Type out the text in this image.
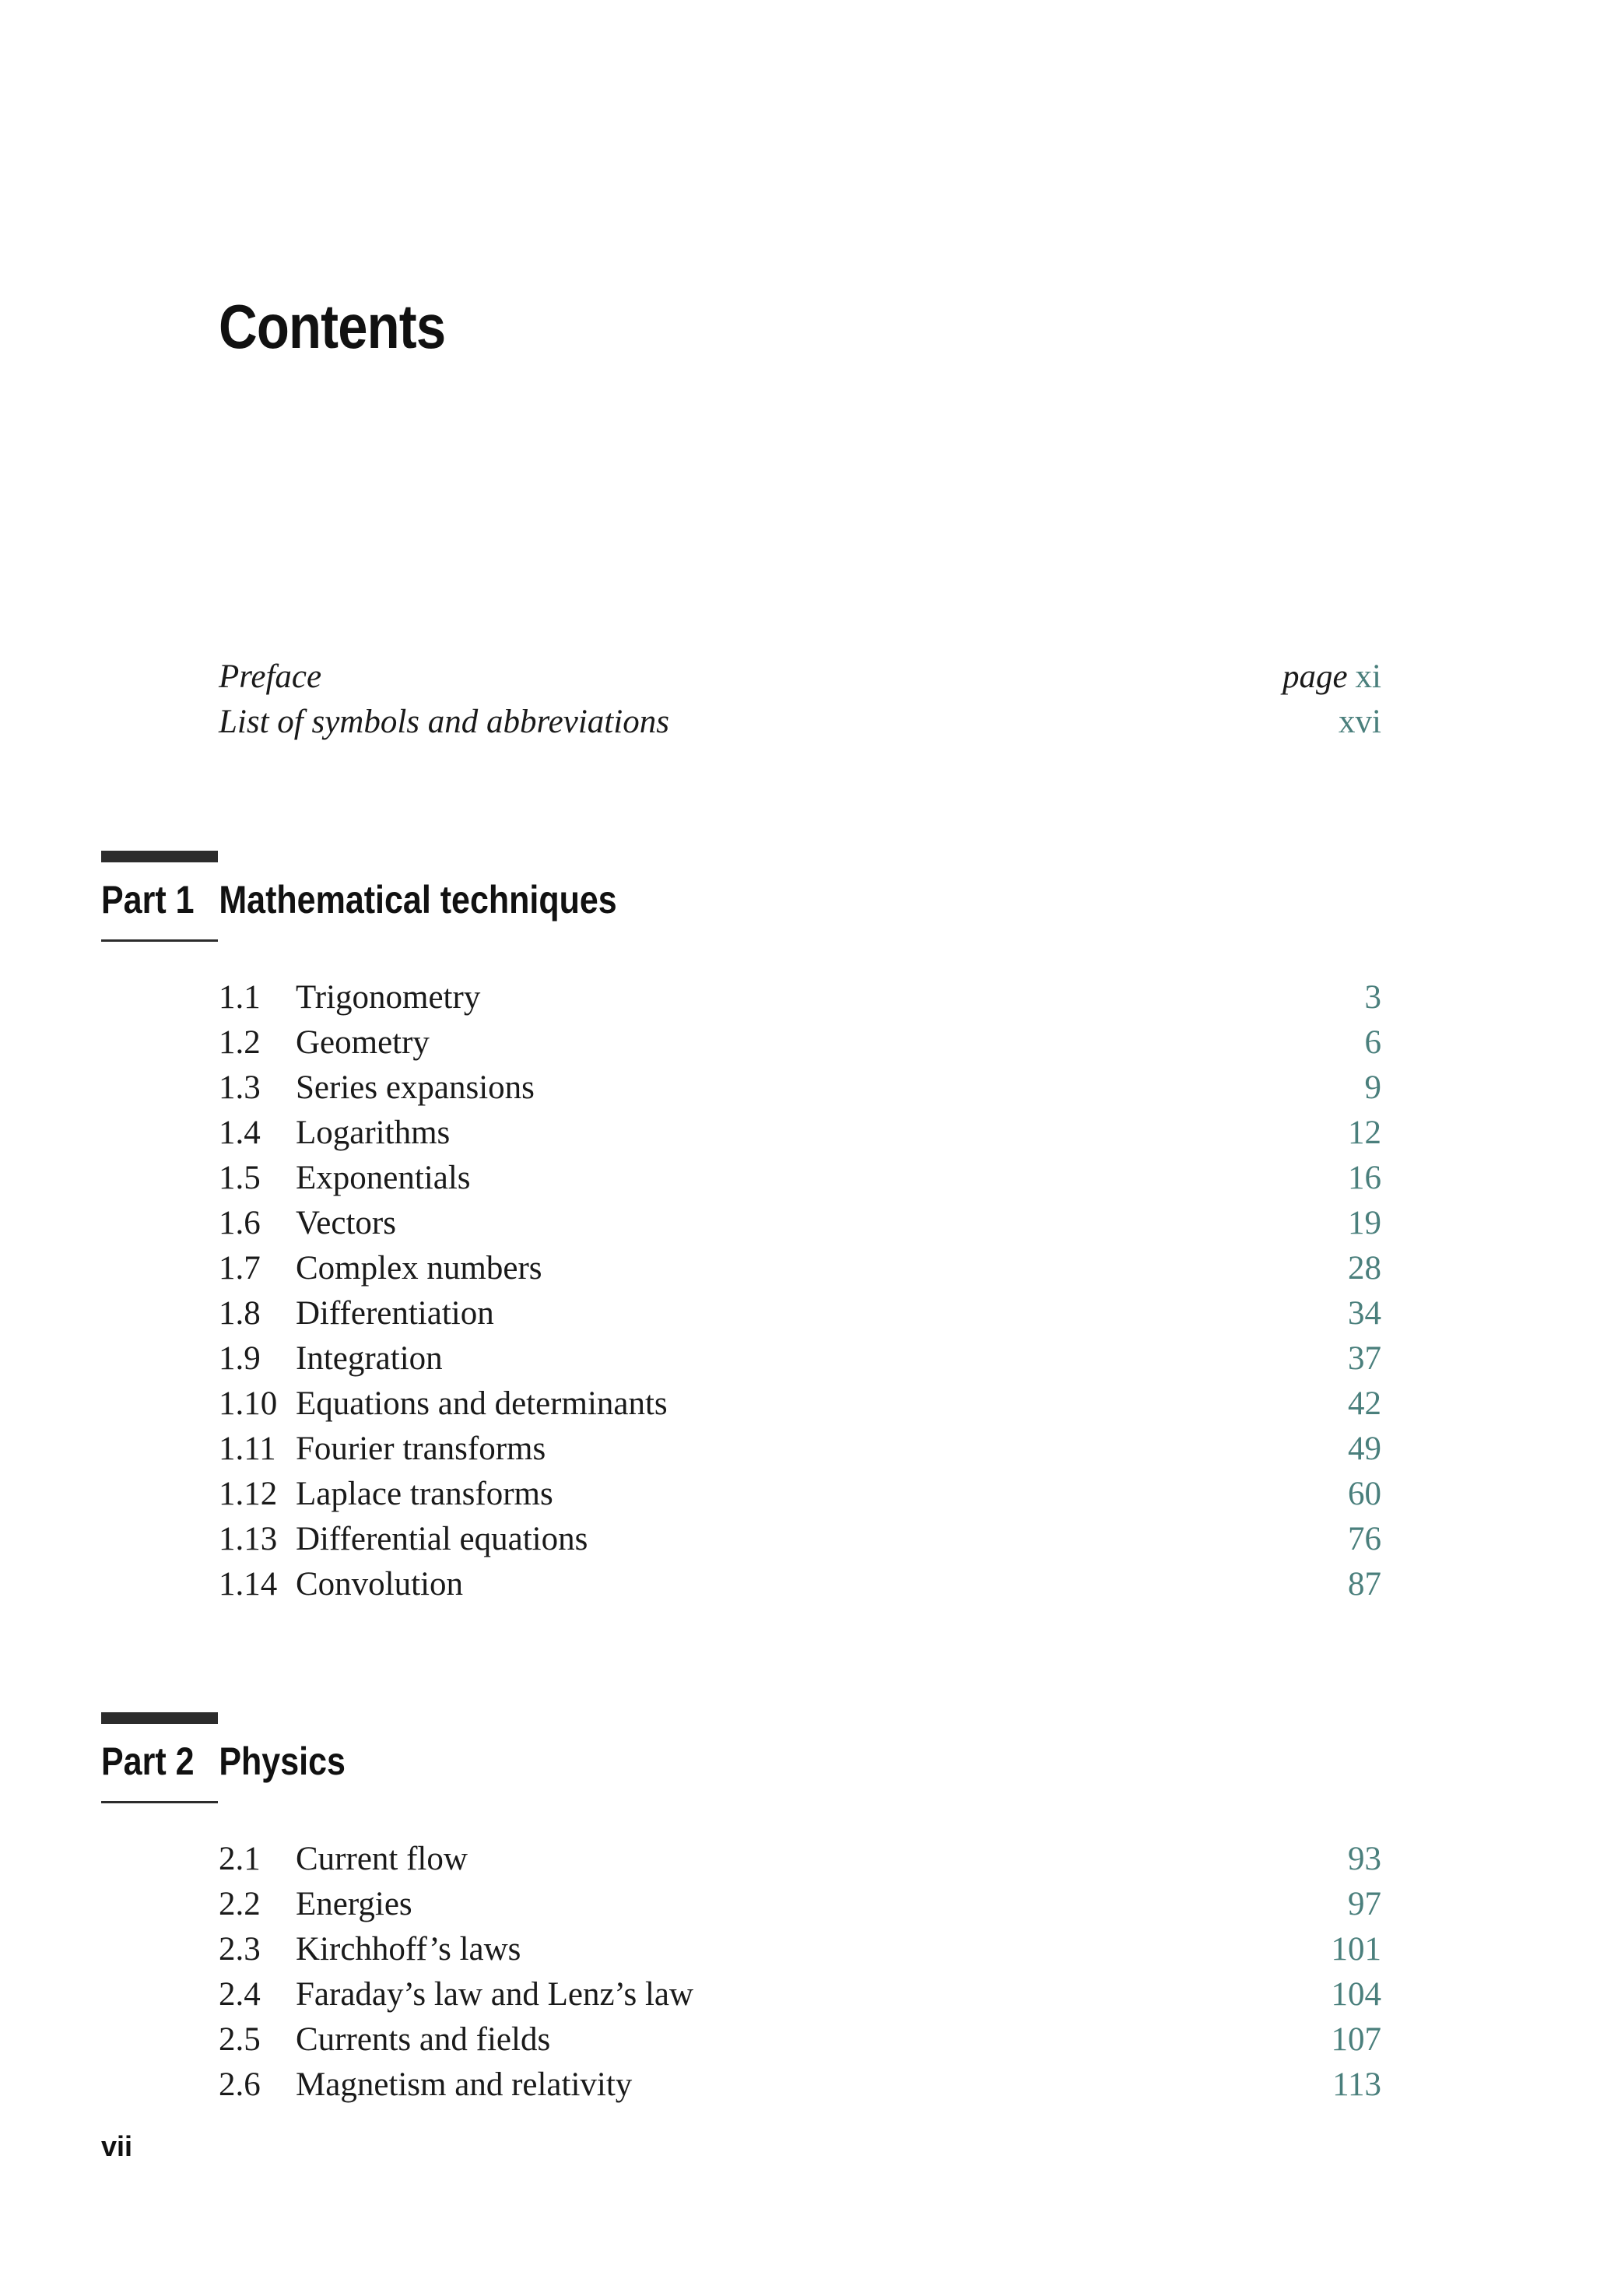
Contents
Preface	page xi
List of symbols and abbreviations	xvi
Part 1 Mathematical techniques
1.1 Trigonometry	3
1.2 Geometry	6
1.3 Series expansions	9
1.4 Logarithms	12
1.5 Exponentials	16
1.6 Vectors	19
1.7 Complex numbers	28
1.8 Differentiation	34
1.9 Integration	37
1.10 Equations and determinants	42
1.11 Fourier transforms	49
1.12 Laplace transforms	60
1.13 Differential equations	76
1.14 Convolution	87
Part 2 Physics
2.1 Current flow	93
2.2 Energies	97
2.3 Kirchhoff’s laws	101
2.4 Faraday’s law and Lenz’s law	104
2.5 Currents and fields	107
2.6 Magnetism and relativity	113
vii
